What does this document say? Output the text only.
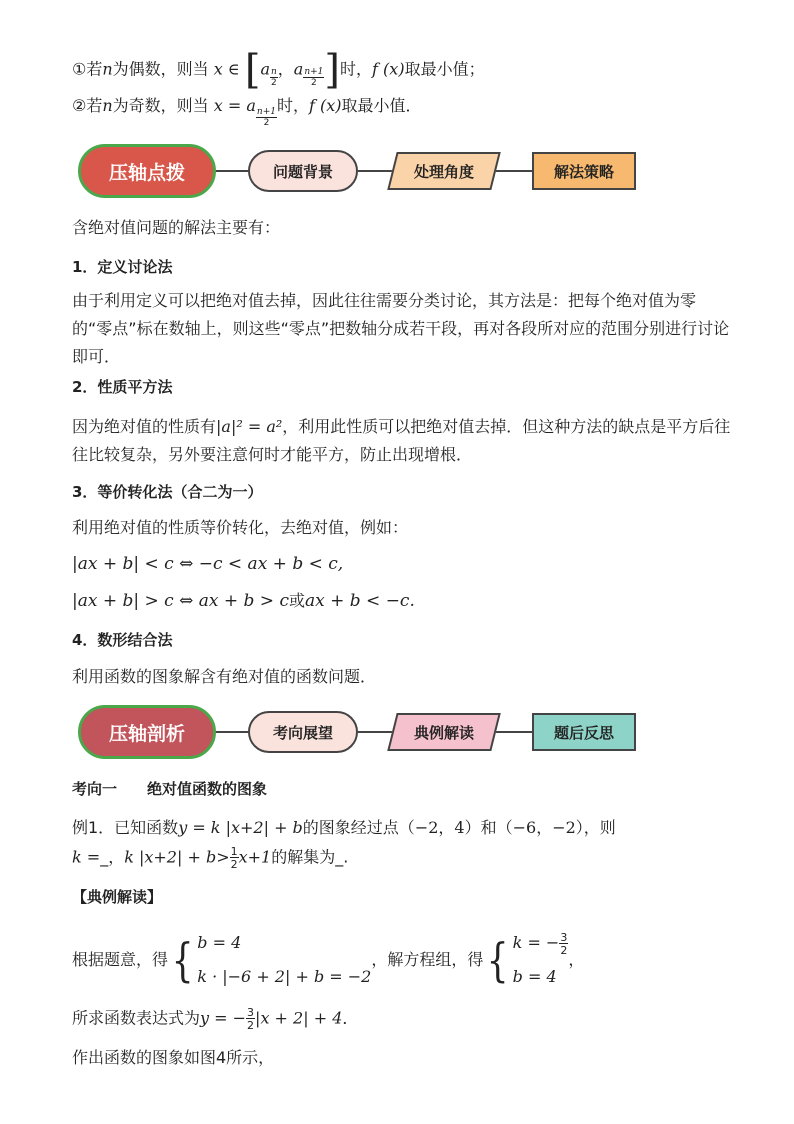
①若n为偶数，则当 x ∈ [$a \frac{n}{2}$ ，a $\frac{n+1}{2}$ ]时，f (x)取最小值；
②若n为奇数，则当 x = a
$\frac{n+1}{2}$
时，f (x)取最小值．
压轴点拨	问题背景	处理角度	解法策略
含绝对值问题的解法主要有：
1．定义讨论法
由于利用定义可以把绝对值去掉，因此往往需要分类讨论，其方法是：把每个绝对值为零的“零点”标在数轴上，则这些“零点”把数轴分成若干段，再对各段所对应的范围分别进行讨论即可．
2．性质平方法
因为绝对值的性质有|a|² = a²，利用此性质可以把绝对值去掉．但这种方法的缺点是平方后往往比较复杂，另外要注意何时才能平方，防止出现增根．
3．等价转化法（合二为一）
利用绝对值的性质等价转化，去绝对值，例如：
|ax + b| < c ⇔ −c < ax + b < c,
|ax + b| > c ⇔ ax + b > c或ax + b < −c.
4．数形结合法
利用函数的图象解含有绝对值的函数问题．
压轴剖析	考向展望	典例解读	题后反思
考向一 绝对值函数的图象
例1．已知函数y = k |x+2| + b的图象经过点（−2，4）和（−6，−2），则
k =_，k $|x+2| + b> \frac{1}{2} x+1$的解集为_.
【典例解读】
根据题意，得{ b = 4
k · |−6 + 2| + b = −2
，解方程组，得{ k = − $\frac{3}{2}$
b = 4
，
所求函数表达式为y = − $\frac{3}{2} |x + 2| + 4$．
作出函数的图象如图4所示，
